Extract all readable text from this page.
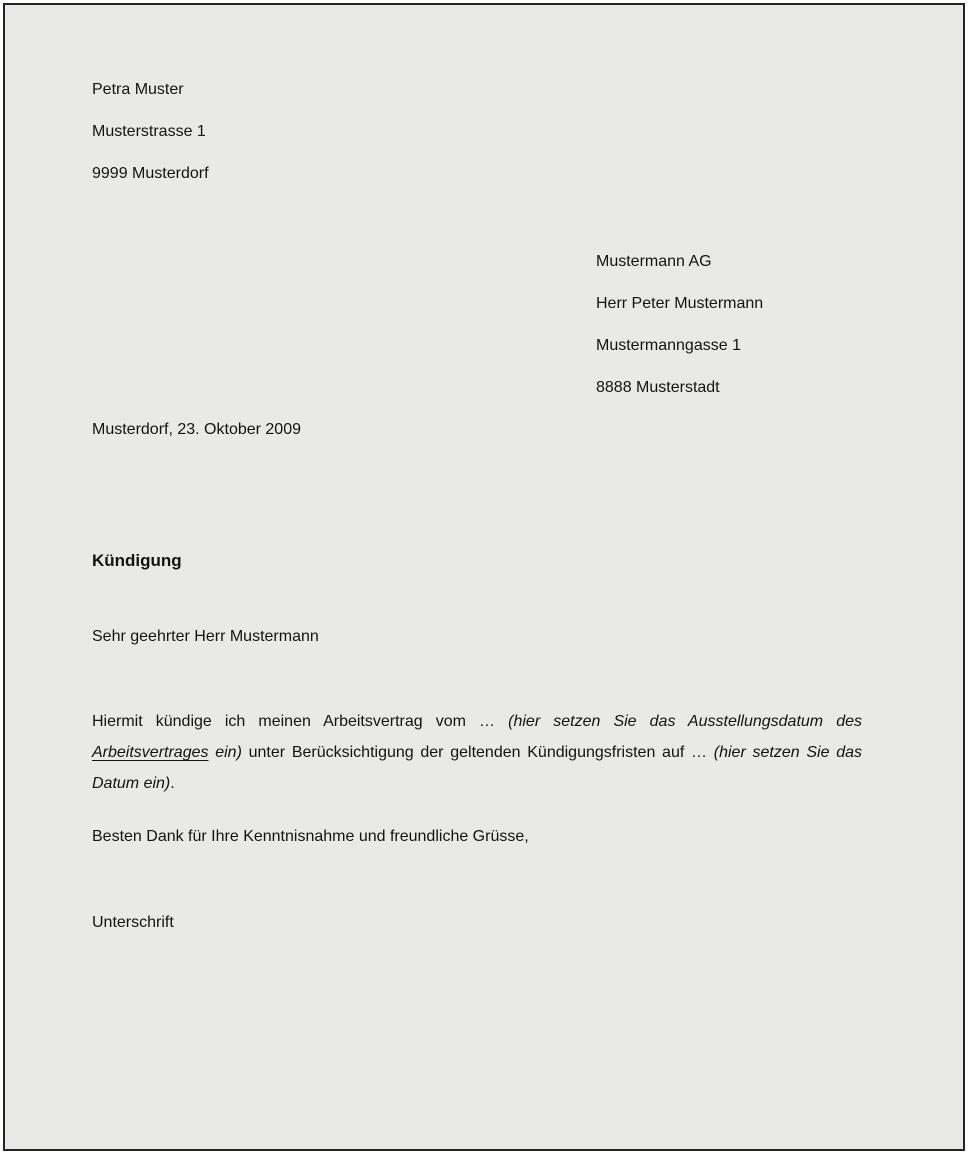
Petra Muster

Musterstrasse 1

9999 Musterdorf

Mustermann AG

Herr Peter Mustermann

Mustermanngasse 1

8888 Musterstadt

Musterdorf, 23. Oktober 2009
Kündigung
Sehr geehrter Herr Mustermann

Hiermit kündige ich meinen Arbeitsvertrag vom … (hier setzen Sie das Ausstellungsdatum des Arbeitsvertrages ein) unter Berücksichtigung der geltenden Kündigungsfristen auf … (hier setzen Sie das Datum ein).

Besten Dank für Ihre Kenntnisnahme und freundliche Grüsse,
Unterschrift
